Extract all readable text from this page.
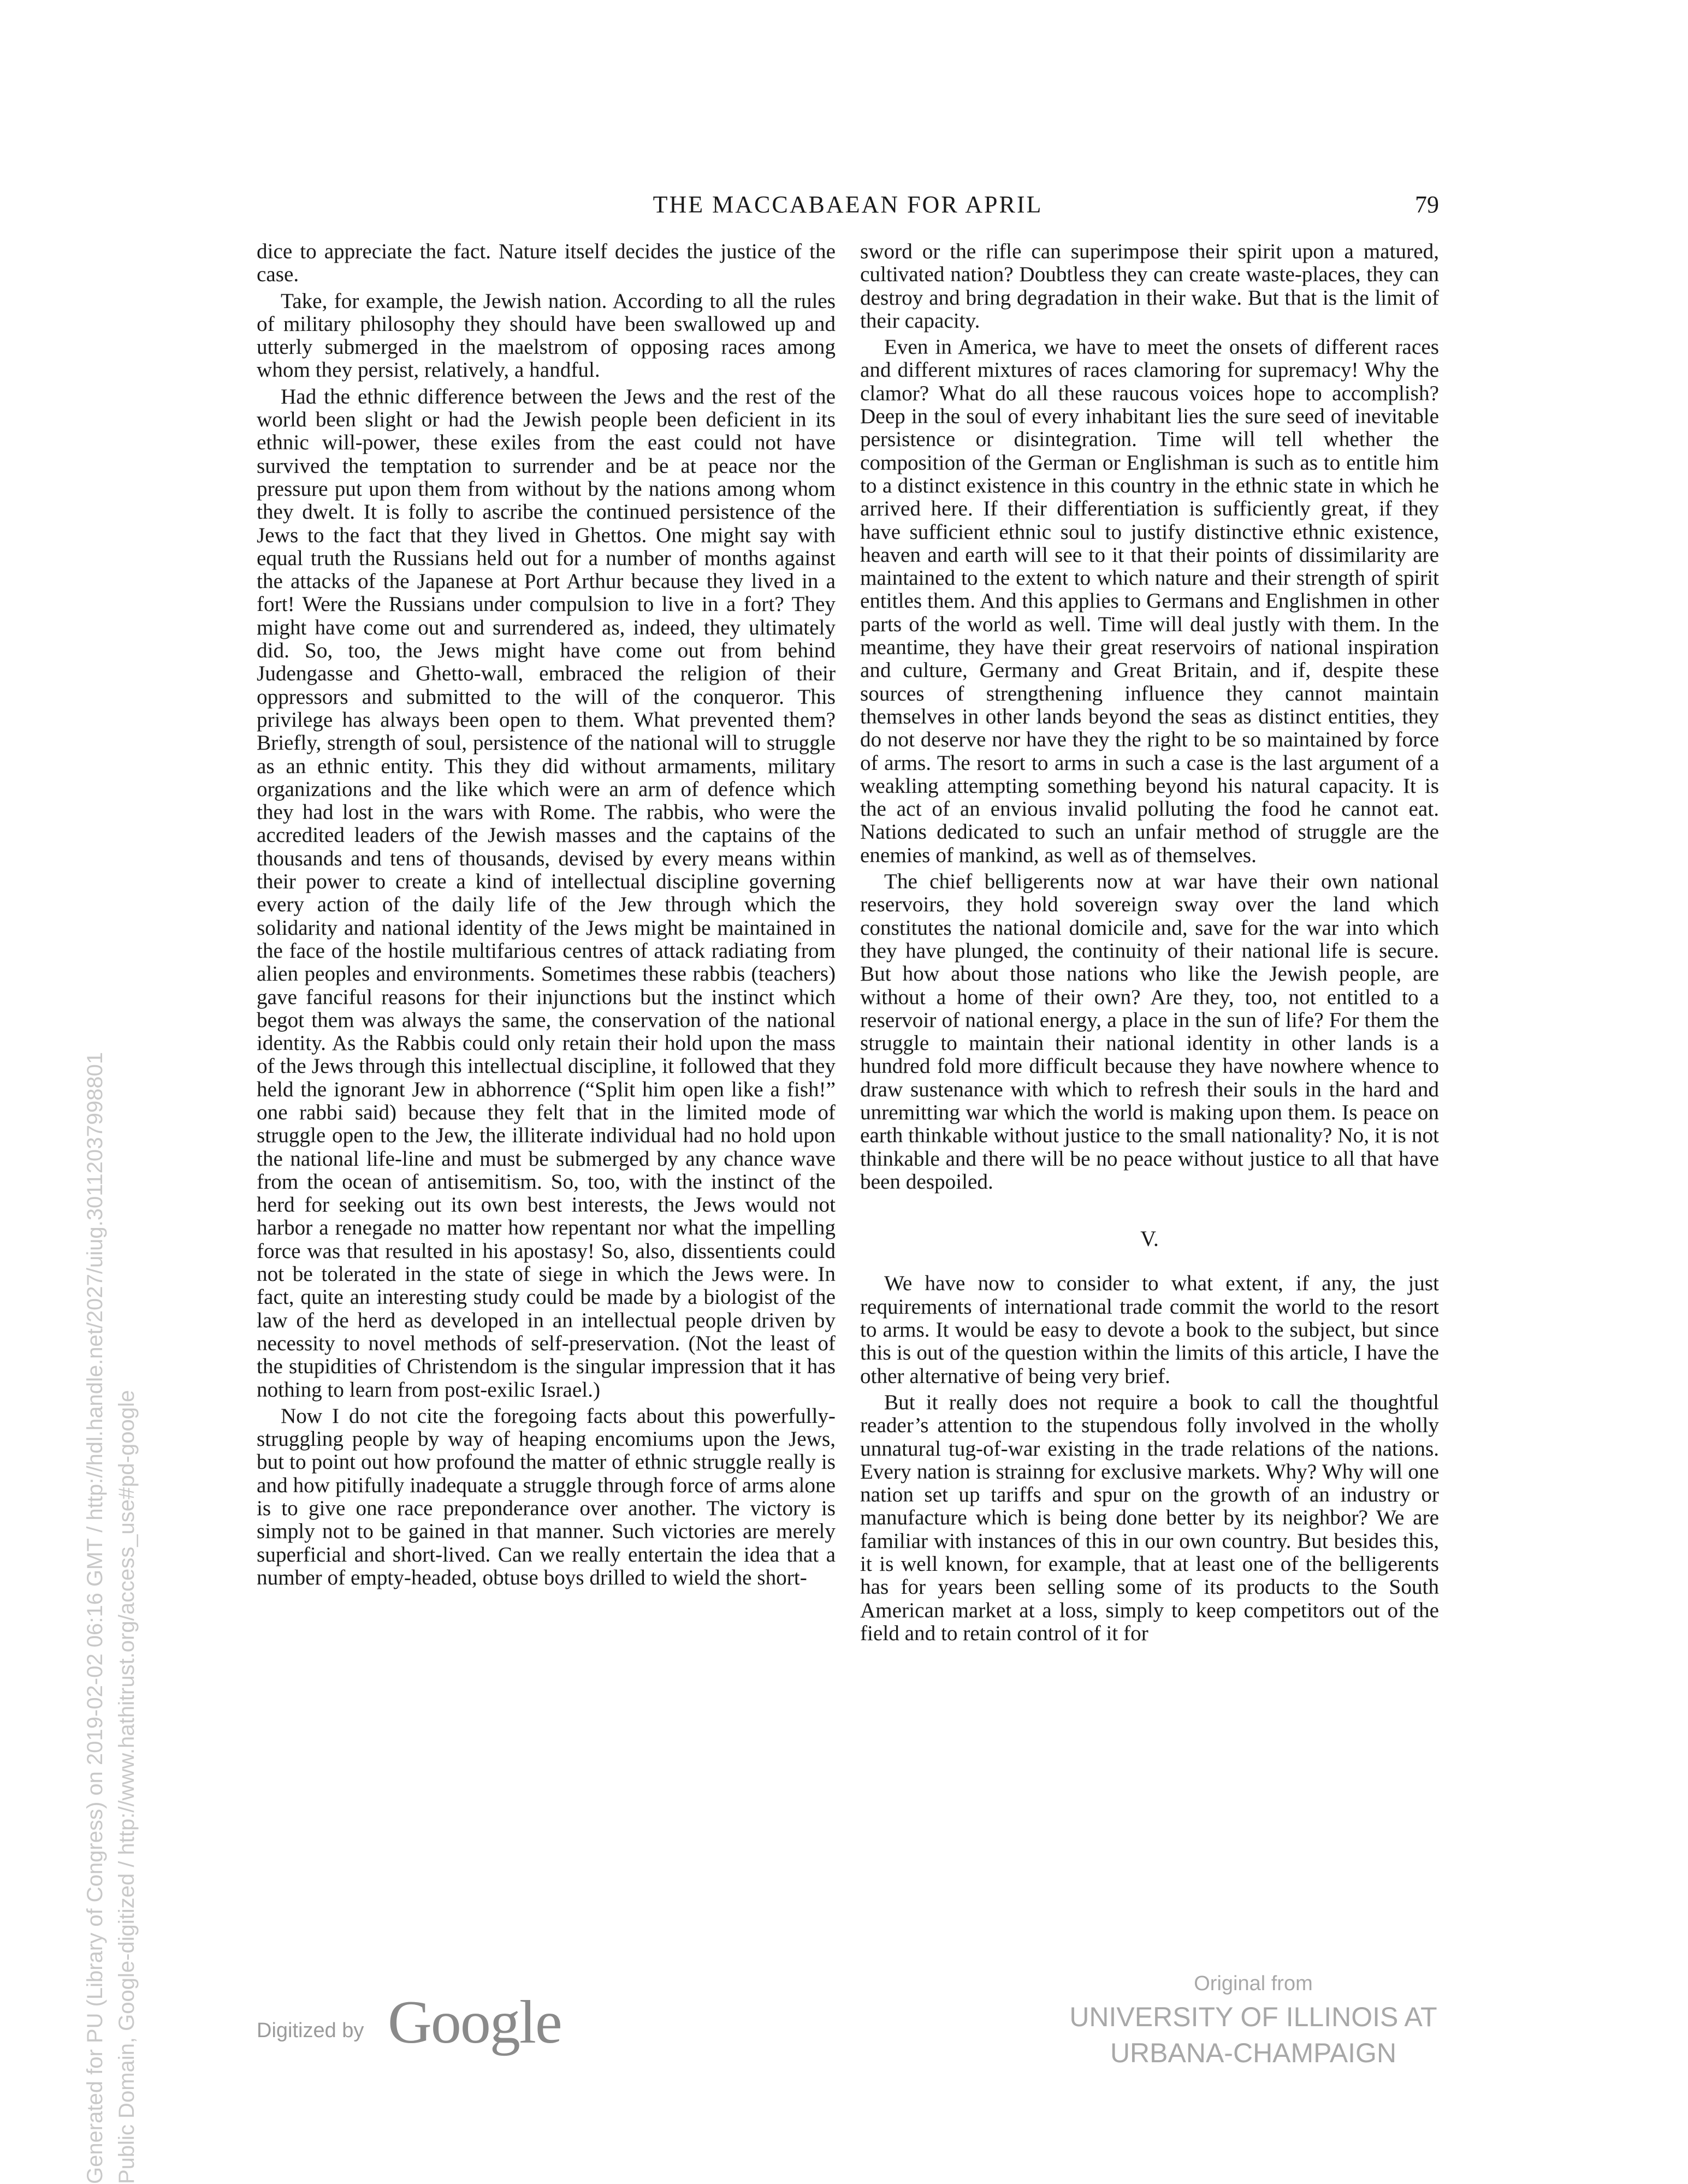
THE MACCABAEAN FOR APRIL	79

dice to appreciate the fact. Nature itself decides the justice of the case.

Take, for example, the Jewish nation. According to all the rules of military philosophy they should have been swallowed up and utterly submerged in the maelstrom of opposing races among whom they persist, relatively, a handful.

Had the ethnic difference between the Jews and the rest of the world been slight or had the Jewish people been deficient in its ethnic will-power, these exiles from the east could not have survived the temptation to surrender and be at peace nor the pressure put upon them from without by the nations among whom they dwelt. It is folly to ascribe the continued persistence of the Jews to the fact that they lived in Ghettos. One might say with equal truth the Russians held out for a number of months against the attacks of the Japanese at Port Arthur because they lived in a fort! Were the Russians under compulsion to live in a fort? They might have come out and surrendered as, indeed, they ultimately did. So, too, the Jews might have come out from behind Judengasse and Ghetto-wall, embraced the religion of their oppressors and submitted to the will of the conqueror. This privilege has always been open to them. What prevented them? Briefly, strength of soul, persistence of the national will to struggle as an ethnic entity. This they did without armaments, military organizations and the like which were an arm of defence which they had lost in the wars with Rome. The rabbis, who were the accredited leaders of the Jewish masses and the captains of the thousands and tens of thousands, devised by every means within their power to create a kind of intellectual discipline governing every action of the daily life of the Jew through which the solidarity and national identity of the Jews might be maintained in the face of the hostile multifarious centres of attack radiating from alien peoples and environments. Sometimes these rabbis (teachers) gave fanciful reasons for their injunctions but the instinct which begot them was always the same, the conservation of the national identity. As the Rabbis could only retain their hold upon the mass of the Jews through this intellectual discipline, it followed that they held the ignorant Jew in abhorrence (“Split him open like a fish!” one rabbi said) because they felt that in the limited mode of struggle open to the Jew, the illiterate individual had no hold upon the national life-line and must be submerged by any chance wave from the ocean of antisemitism. So, too, with the instinct of the herd for seeking out its own best interests, the Jews would not harbor a renegade no matter how repentant nor what the impelling force was that resulted in his apostasy! So, also, dissentients could not be tolerated in the state of siege in which the Jews were. In fact, quite an interesting study could be made by a biologist of the law of the herd as developed in an intellectual people driven by necessity to novel methods of self-preservation. (Not the least of the stupidities of Christendom is the singular impression that it has nothing to learn from post-exilic Israel.)

Now I do not cite the foregoing facts about this powerfully-struggling people by way of heaping encomiums upon the Jews, but to point out how profound the matter of ethnic struggle really is and how pitifully inadequate a struggle through force of arms alone is to give one race preponderance over another. The victory is simply not to be gained in that manner. Such victories are merely superficial and short-lived. Can we really entertain the idea that a number of empty-headed, obtuse boys drilled to wield the short-

sword or the rifle can superimpose their spirit upon a matured, cultivated nation? Doubtless they can create waste-places, they can destroy and bring degradation in their wake. But that is the limit of their capacity.

Even in America, we have to meet the onsets of different races and different mixtures of races clamoring for supremacy! Why the clamor? What do all these raucous voices hope to accomplish? Deep in the soul of every inhabitant lies the sure seed of inevitable persistence or disintegration. Time will tell whether the composition of the German or Englishman is such as to entitle him to a distinct existence in this country in the ethnic state in which he arrived here. If their differentiation is sufficiently great, if they have sufficient ethnic soul to justify distinctive ethnic existence, heaven and earth will see to it that their points of dissimilarity are maintained to the extent to which nature and their strength of spirit entitles them. And this applies to Germans and Englishmen in other parts of the world as well. Time will deal justly with them. In the meantime, they have their great reservoirs of national inspiration and culture, Germany and Great Britain, and if, despite these sources of strengthening influence they cannot maintain themselves in other lands beyond the seas as distinct entities, they do not deserve nor have they the right to be so maintained by force of arms. The resort to arms in such a case is the last argument of a weakling attempting something beyond his natural capacity. It is the act of an envious invalid polluting the food he cannot eat. Nations dedicated to such an unfair method of struggle are the enemies of mankind, as well as of themselves.

The chief belligerents now at war have their own national reservoirs, they hold sovereign sway over the land which constitutes the national domicile and, save for the war into which they have plunged, the continuity of their national life is secure. But how about those nations who like the Jewish people, are without a home of their own? Are they, too, not entitled to a reservoir of national energy, a place in the sun of life? For them the struggle to maintain their national identity in other lands is a hundred fold more difficult because they have nowhere whence to draw sustenance with which to refresh their souls in the hard and unremitting war which the world is making upon them. Is peace on earth thinkable without justice to the small nationality? No, it is not thinkable and there will be no peace without justice to all that have been despoiled.

V.

We have now to consider to what extent, if any, the just requirements of international trade commit the world to the resort to arms. It would be easy to devote a book to the subject, but since this is out of the question within the limits of this article, I have the other alternative of being very brief.

But it really does not require a book to call the thoughtful reader’s attention to the stupendous folly involved in the wholly unnatural tug-of-war existing in the trade relations of the nations. Every nation is strainng for exclusive markets. Why? Why will one nation set up tariffs and spur on the growth of an industry or manufacture which is being done better by its neighbor? We are familiar with instances of this in our own country. But besides this, it is well known, for example, that at least one of the belligerents has for years been selling some of its products to the South American market at a loss, simply to keep competitors out of the field and to retain control of it for

Generated for PU (Library of Congress) on 2019-02-02 06:16 GMT / http://hdl.handle.net/2027/uiug.30112037998801 Public Domain, Google-digitized / http://www.hathitrust.org/access_use#pd-google	Digitized by Google
Original from
UNIVERSITY OF ILLINOIS AT
URBANA-CHAMPAIGN
